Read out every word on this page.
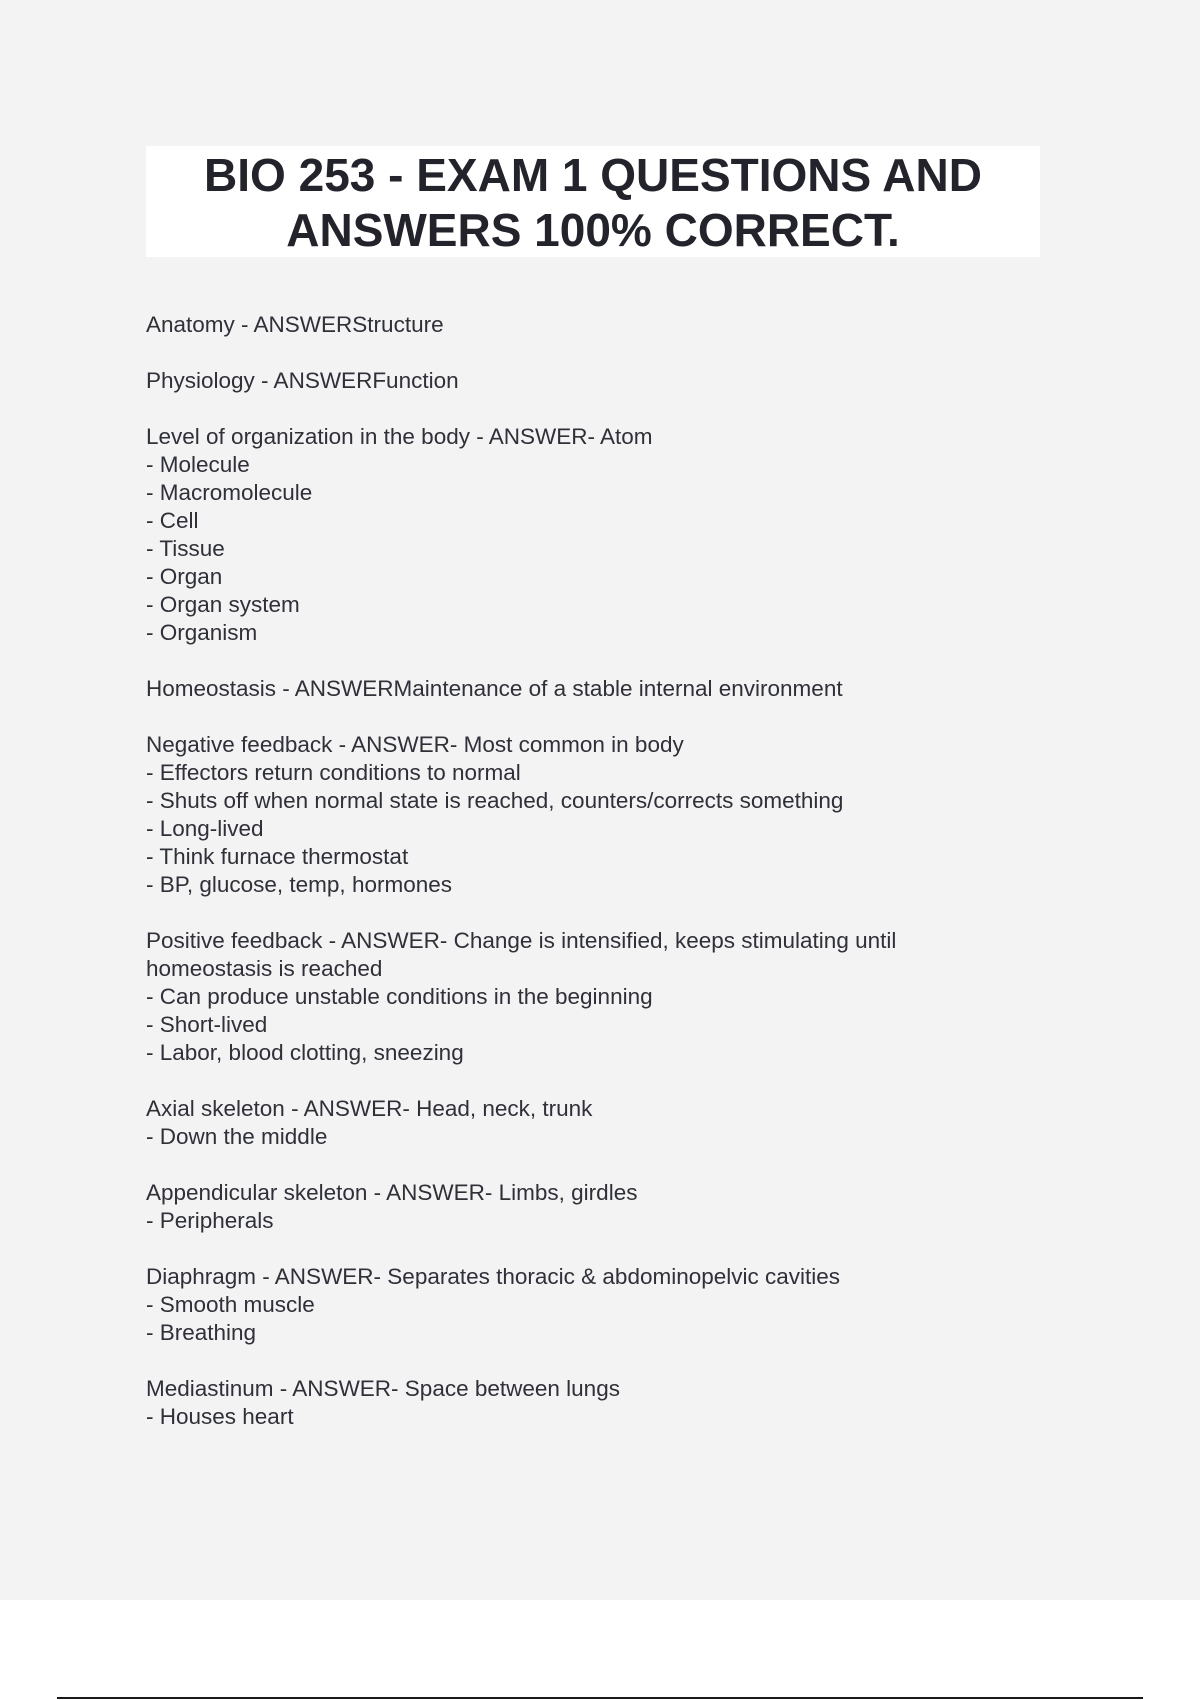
BIO 253 - EXAM 1 QUESTIONS AND
ANSWERS 100% CORRECT.
Anatomy - ANSWERStructure
Physiology - ANSWERFunction
Level of organization in the body - ANSWER- Atom
- Molecule
- Macromolecule
- Cell
- Tissue
- Organ
- Organ system
- Organism
Homeostasis - ANSWERMaintenance of a stable internal environment
Negative feedback - ANSWER- Most common in body
- Effectors return conditions to normal
- Shuts off when normal state is reached, counters/corrects something
- Long-lived
- Think furnace thermostat
- BP, glucose, temp, hormones
Positive feedback - ANSWER- Change is intensified, keeps stimulating until
homeostasis is reached
- Can produce unstable conditions in the beginning
- Short-lived
- Labor, blood clotting, sneezing
Axial skeleton - ANSWER- Head, neck, trunk
- Down the middle
Appendicular skeleton - ANSWER- Limbs, girdles
- Peripherals
Diaphragm - ANSWER- Separates thoracic & abdominopelvic cavities
- Smooth muscle
- Breathing
Mediastinum - ANSWER- Space between lungs
- Houses heart
